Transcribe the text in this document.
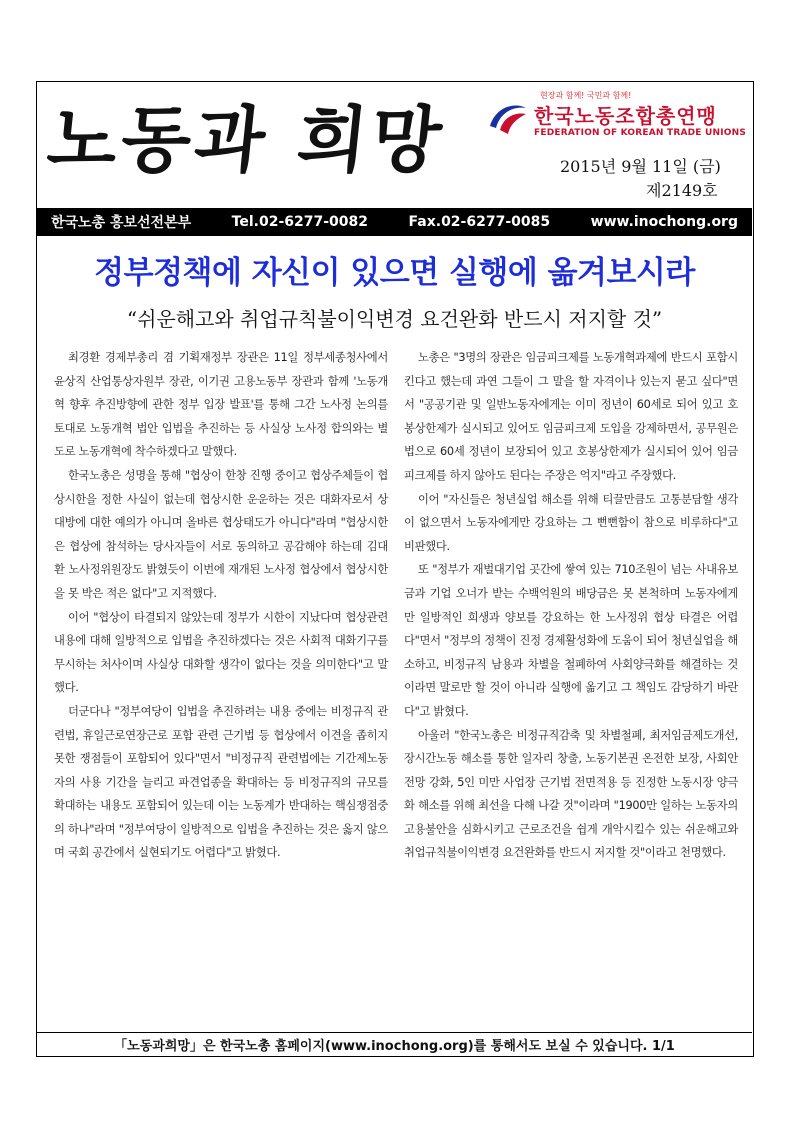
노동과 희망
현장과 함께! 국민과 함께!
한국노동조합총연맹
FEDERATION OF KOREAN TRADE UNIONS
2015년 9월 11일 (금)
제2149호
한국노총 홍보선전본부	Tel.02-6277-0082	Fax.02-6277-0085	www.inochong.org
정부정책에 자신이 있으면 실행에 옮겨보시라
“쉬운해고와 취업규칙불이익변경 요건완화 반드시 저지할 것”

최경환 경제부총리 겸 기획재정부 장관은 11일 정부세종청사에서 윤상직 산업통상자원부 장관, 이기권 고용노동부 장관과 함께 '노동개혁 향후 추진방향에 관한 정부 입장 발표'를 통해 그간 노사정 논의를 토대로 노동개혁 법안 입법을 추진하는 등 사실상 노사정 합의와는 별도로 노동개혁에 착수하겠다고 말했다.

한국노총은 성명을 통해 "협상이 한창 진행 중이고 협상주체들이 협상시한을 정한 사실이 없는데 협상시한 운운하는 것은 대화자로서 상대방에 대한 예의가 아니며 올바른 협상태도가 아니다"라며 "협상시한은 협상에 참석하는 당사자들이 서로 동의하고 공감해야 하는데 김대환 노사정위원장도 밝혔듯이 이번에 재개된 노사정 협상에서 협상시한을 못 박은 적은 없다"고 지적했다.

이어 "협상이 타결되지 않았는데 정부가 시한이 지났다며 협상관련 내용에 대해 일방적으로 입법을 추진하겠다는 것은 사회적 대화기구를 무시하는 처사이며 사실상 대화할 생각이 없다는 것을 의미한다"고 말했다.

더군다나 "정부여당이 입법을 추진하려는 내용 중에는 비정규직 관련법, 휴일근로연장근로 포함 관련 근기법 등 협상에서 이견을 좁히지 못한 쟁점들이 포함되어 있다"면서 "비정규직 관련법에는 기간제노동자의 사용 기간을 늘리고 파견업종을 확대하는 등 비정규직의 규모를 확대하는 내용도 포함되어 있는데 이는 노동계가 반대하는 핵심쟁점중의 하나"라며 "정부여당이 일방적으로 입법을 추진하는 것은 옳지 않으며 국회 공간에서 실현되기도 어렵다"고 밝혔다.

노총은 "3명의 장관은 임금피크제를 노동개혁과제에 반드시 포함시킨다고 했는데 과연 그들이 그 말을 할 자격이나 있는지 묻고 싶다"면서 "공공기관 및 일반노동자에게는 이미 정년이 60세로 되어 있고 호봉상한제가 실시되고 있어도 임금피크제 도입을 강제하면서, 공무원은 법으로 60세 정년이 보장되어 있고 호봉상한제가 실시되어 있어 임금피크제를 하지 않아도 된다는 주장은 억지"라고 주장했다.

이어 "자신들은 청년실업 해소를 위해 티끌만큼도 고통분담할 생각이 없으면서 노동자에게만 강요하는 그 뻔뻔함이 참으로 비루하다"고 비판했다.

또 "정부가 재벌대기업 곳간에 쌓여 있는 710조원이 넘는 사내유보금과 기업 오너가 받는 수백억원의 배당금은 못 본척하며 노동자에게만 일방적인 희생과 양보를 강요하는 한 노사정위 협상 타결은 어렵다"면서 "정부의 정책이 진정 경제활성화에 도움이 되어 청년실업을 해소하고, 비정규직 남용과 차별을 철폐하여 사회양극화를 해결하는 것이라면 말로만 할 것이 아니라 실행에 옮기고 그 책임도 감당하기 바란다"고 밝혔다.

아울러 "한국노총은 비정규직감축 및 차별철폐, 최저임금제도개선, 장시간노동 해소를 통한 일자리 창출, 노동기본권 온전한 보장, 사회안전망 강화, 5인 미만 사업장 근기법 전면적용 등 진정한 노동시장 양극화 해소를 위해 최선을 다해 나갈 것"이라며 "1900만 일하는 노동자의 고용불안을 심화시키고 근로조건을 쉽게 개악시킬수 있는 쉬운해고와 취업규칙불이익변경 요건완화를 반드시 저지할 것"이라고 천명했다.

「노동과희망」은 한국노총 홈페이지(www.inochong.org)를 통해서도 보실 수 있습니다. 1/1
